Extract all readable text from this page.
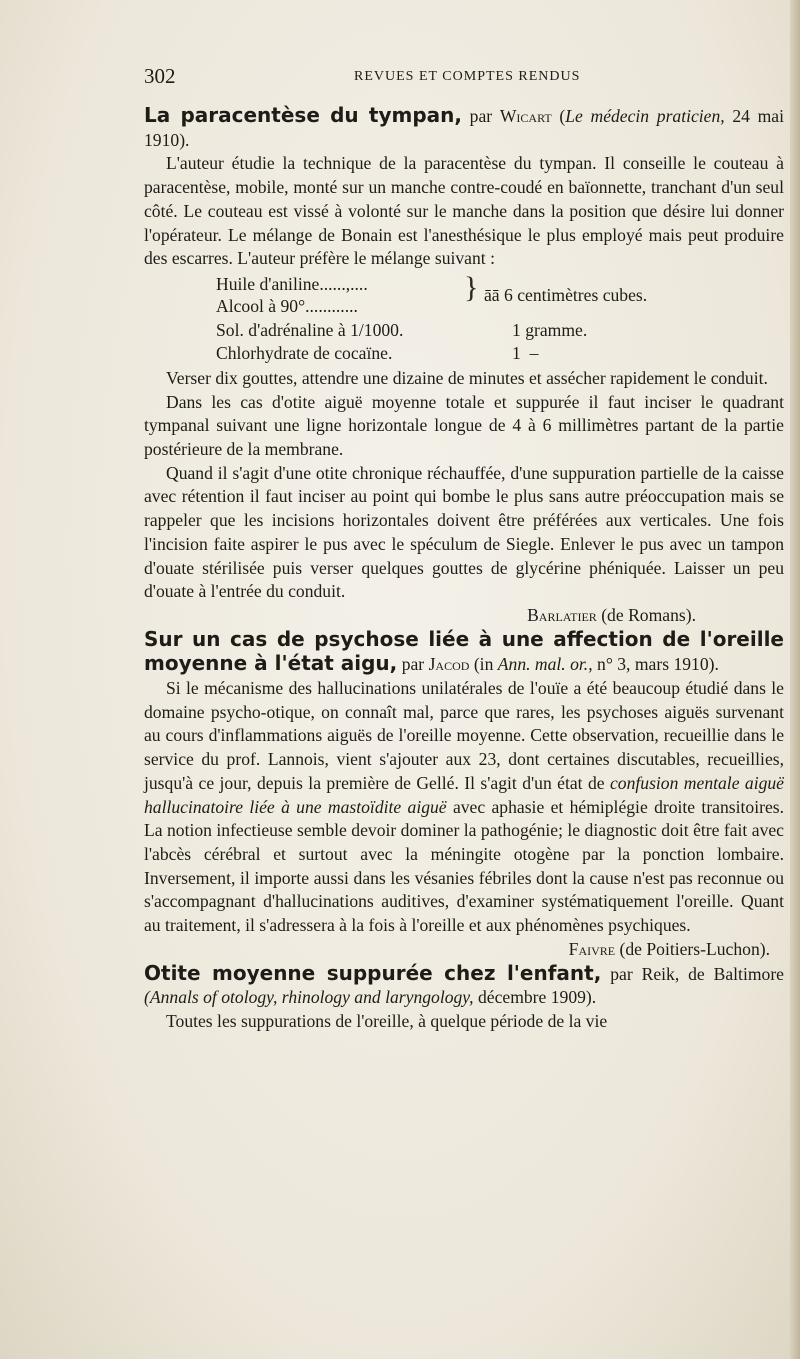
302	REVUES ET COMPTES RENDUS

La paracentèse du tympan, par Wicart (Le médecin praticien, 24 mai 1910).

L'auteur étudie la technique de la paracentèse du tympan. Il conseille le couteau à paracentèse, mobile, monté sur un manche contre-coudé en baïonnette, tranchant d'un seul côté. Le couteau est vissé à volonté sur le manche dans la position que désire lui donner l'opérateur. Le mélange de Bonain est l'anesthésique le plus employé mais peut produire des escarres. L'auteur préfère le mélange suivant :

Huile d'aniline......,....
Alcool à 90°............
} āā 6 centimètres cubes.
Sol. d'adrénaline à 1/1000.	1 gramme.
Chlorhydrate de cocaïne.	1  –

Verser dix gouttes, attendre une dizaine de minutes et assécher rapidement le conduit.

Dans les cas d'otite aiguë moyenne totale et suppurée il faut inciser le quadrant tympanal suivant une ligne horizontale longue de 4 à 6 millimètres partant de la partie postérieure de la membrane.

Quand il s'agit d'une otite chronique réchauffée, d'une suppuration partielle de la caisse avec rétention il faut inciser au point qui bombe le plus sans autre préoccupation mais se rappeler que les incisions horizontales doivent être préférées aux verticales. Une fois l'incision faite aspirer le pus avec le spéculum de Siegle. Enlever le pus avec un tampon d'ouate stérilisée puis verser quelques gouttes de glycérine phéniquée. Laisser un peu d'ouate à l'entrée du conduit.

Barlatier (de Romans).

Sur un cas de psychose liée à une affection de l'oreille moyenne à l'état aigu, par Jacod (in Ann. mal. or., n° 3, mars 1910).

Si le mécanisme des hallucinations unilatérales de l'ouïe a été beaucoup étudié dans le domaine psycho-otique, on connaît mal, parce que rares, les psychoses aiguës survenant au cours d'inflammations aiguës de l'oreille moyenne. Cette observation, recueillie dans le service du prof. Lannois, vient s'ajouter aux 23, dont certaines discutables, recueillies, jusqu'à ce jour, depuis la première de Gellé. Il s'agit d'un état de confusion mentale aiguë hallucinatoire liée à une mastoïdite aiguë avec aphasie et hémiplégie droite transitoires. La notion infectieuse semble devoir dominer la pathogénie; le diagnostic doit être fait avec l'abcès cérébral et surtout avec la méningite otogène par la ponction lombaire. Inversement, il importe aussi dans les vésanies fébriles dont la cause n'est pas reconnue ou s'accompagnant d'hallucinations auditives, d'examiner systématiquement l'oreille. Quant au traitement, il s'adressera à la fois à l'oreille et aux phénomènes psychiques.

Faivre (de Poitiers-Luchon).

Otite moyenne suppurée chez l'enfant, par Reik, de Baltimore (Annals of otology, rhinology and laryngology, décembre 1909).

Toutes les suppurations de l'oreille, à quelque période de la vie
